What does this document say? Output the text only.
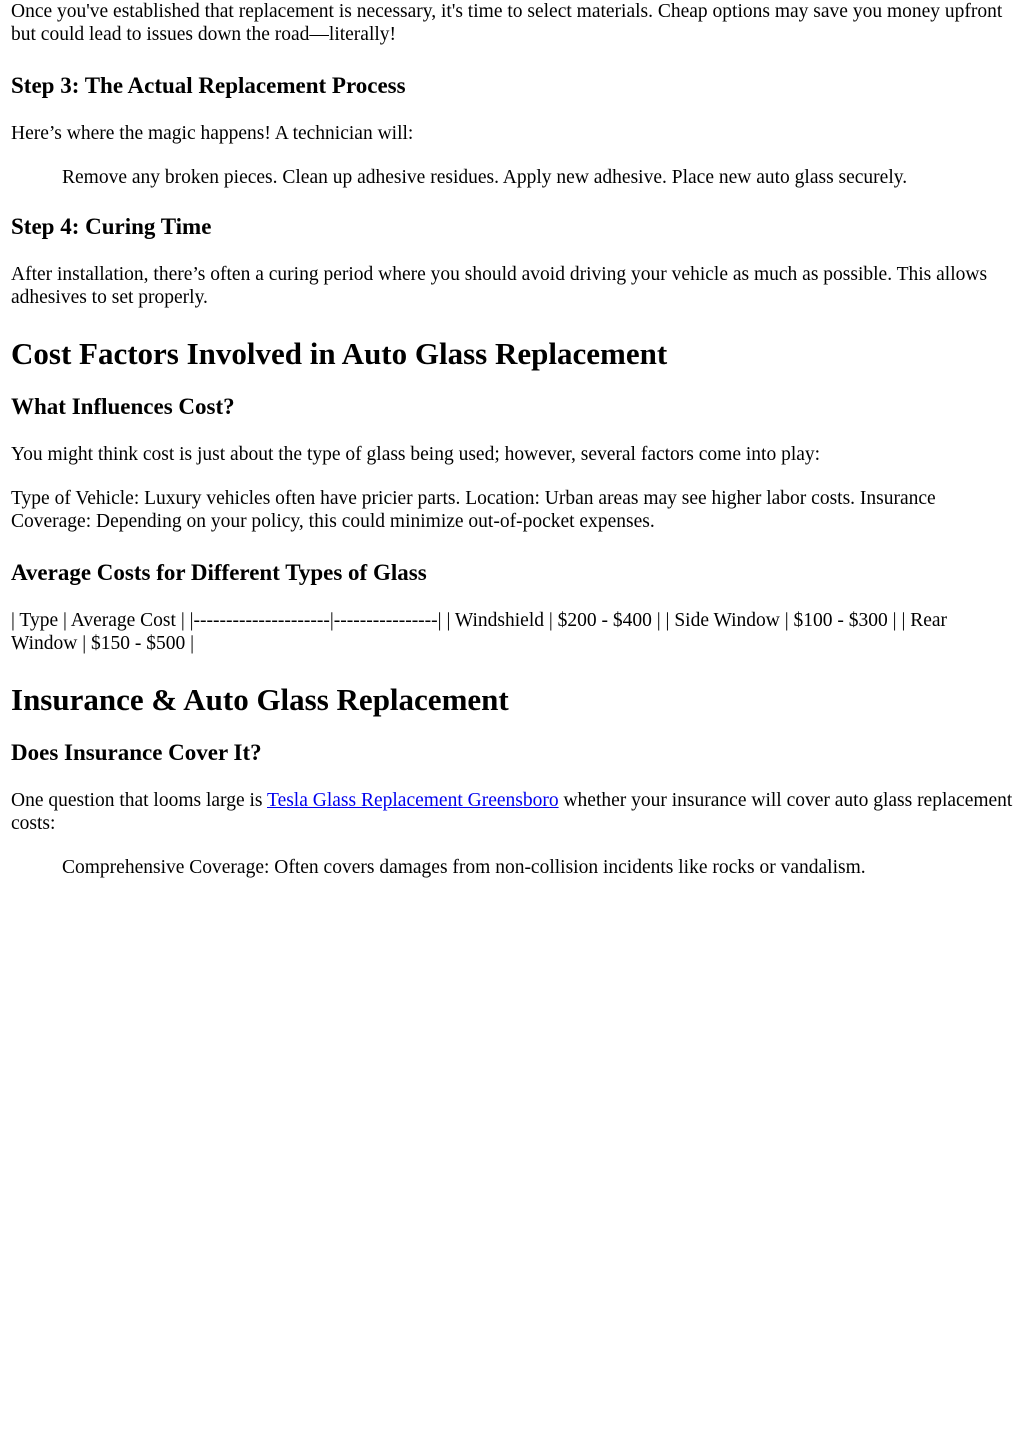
Once you've established that replacement is necessary, it's time to select materials. Cheap options may save you money upfront but could lead to issues down the road—literally!

Step 3: The Actual Replacement Process

Here’s where the magic happens! A technician will:

Remove any broken pieces. Clean up adhesive residues. Apply new adhesive. Place new auto glass securely.
Step 4: Curing Time

After installation, there’s often a curing period where you should avoid driving your vehicle as much as possible. This allows adhesives to set properly.

Cost Factors Involved in Auto Glass Replacement
What Influences Cost?

You might think cost is just about the type of glass being used; however, several factors come into play:

Type of Vehicle: Luxury vehicles often have pricier parts. Location: Urban areas may see higher labor costs. Insurance Coverage: Depending on your policy, this could minimize out-of-pocket expenses.

Average Costs for Different Types of Glass

| Type | Average Cost | |---------------------|----------------| | Windshield | $200 - $400 | | Side Window | $100 - $300 | | Rear Window | $150 - $500 |

Insurance & Auto Glass Replacement
Does Insurance Cover It?

One question that looms large is Tesla Glass Replacement Greensboro whether your insurance will cover auto glass replacement costs:

Comprehensive Coverage: Often covers damages from non-collision incidents like rocks or vandalism.
